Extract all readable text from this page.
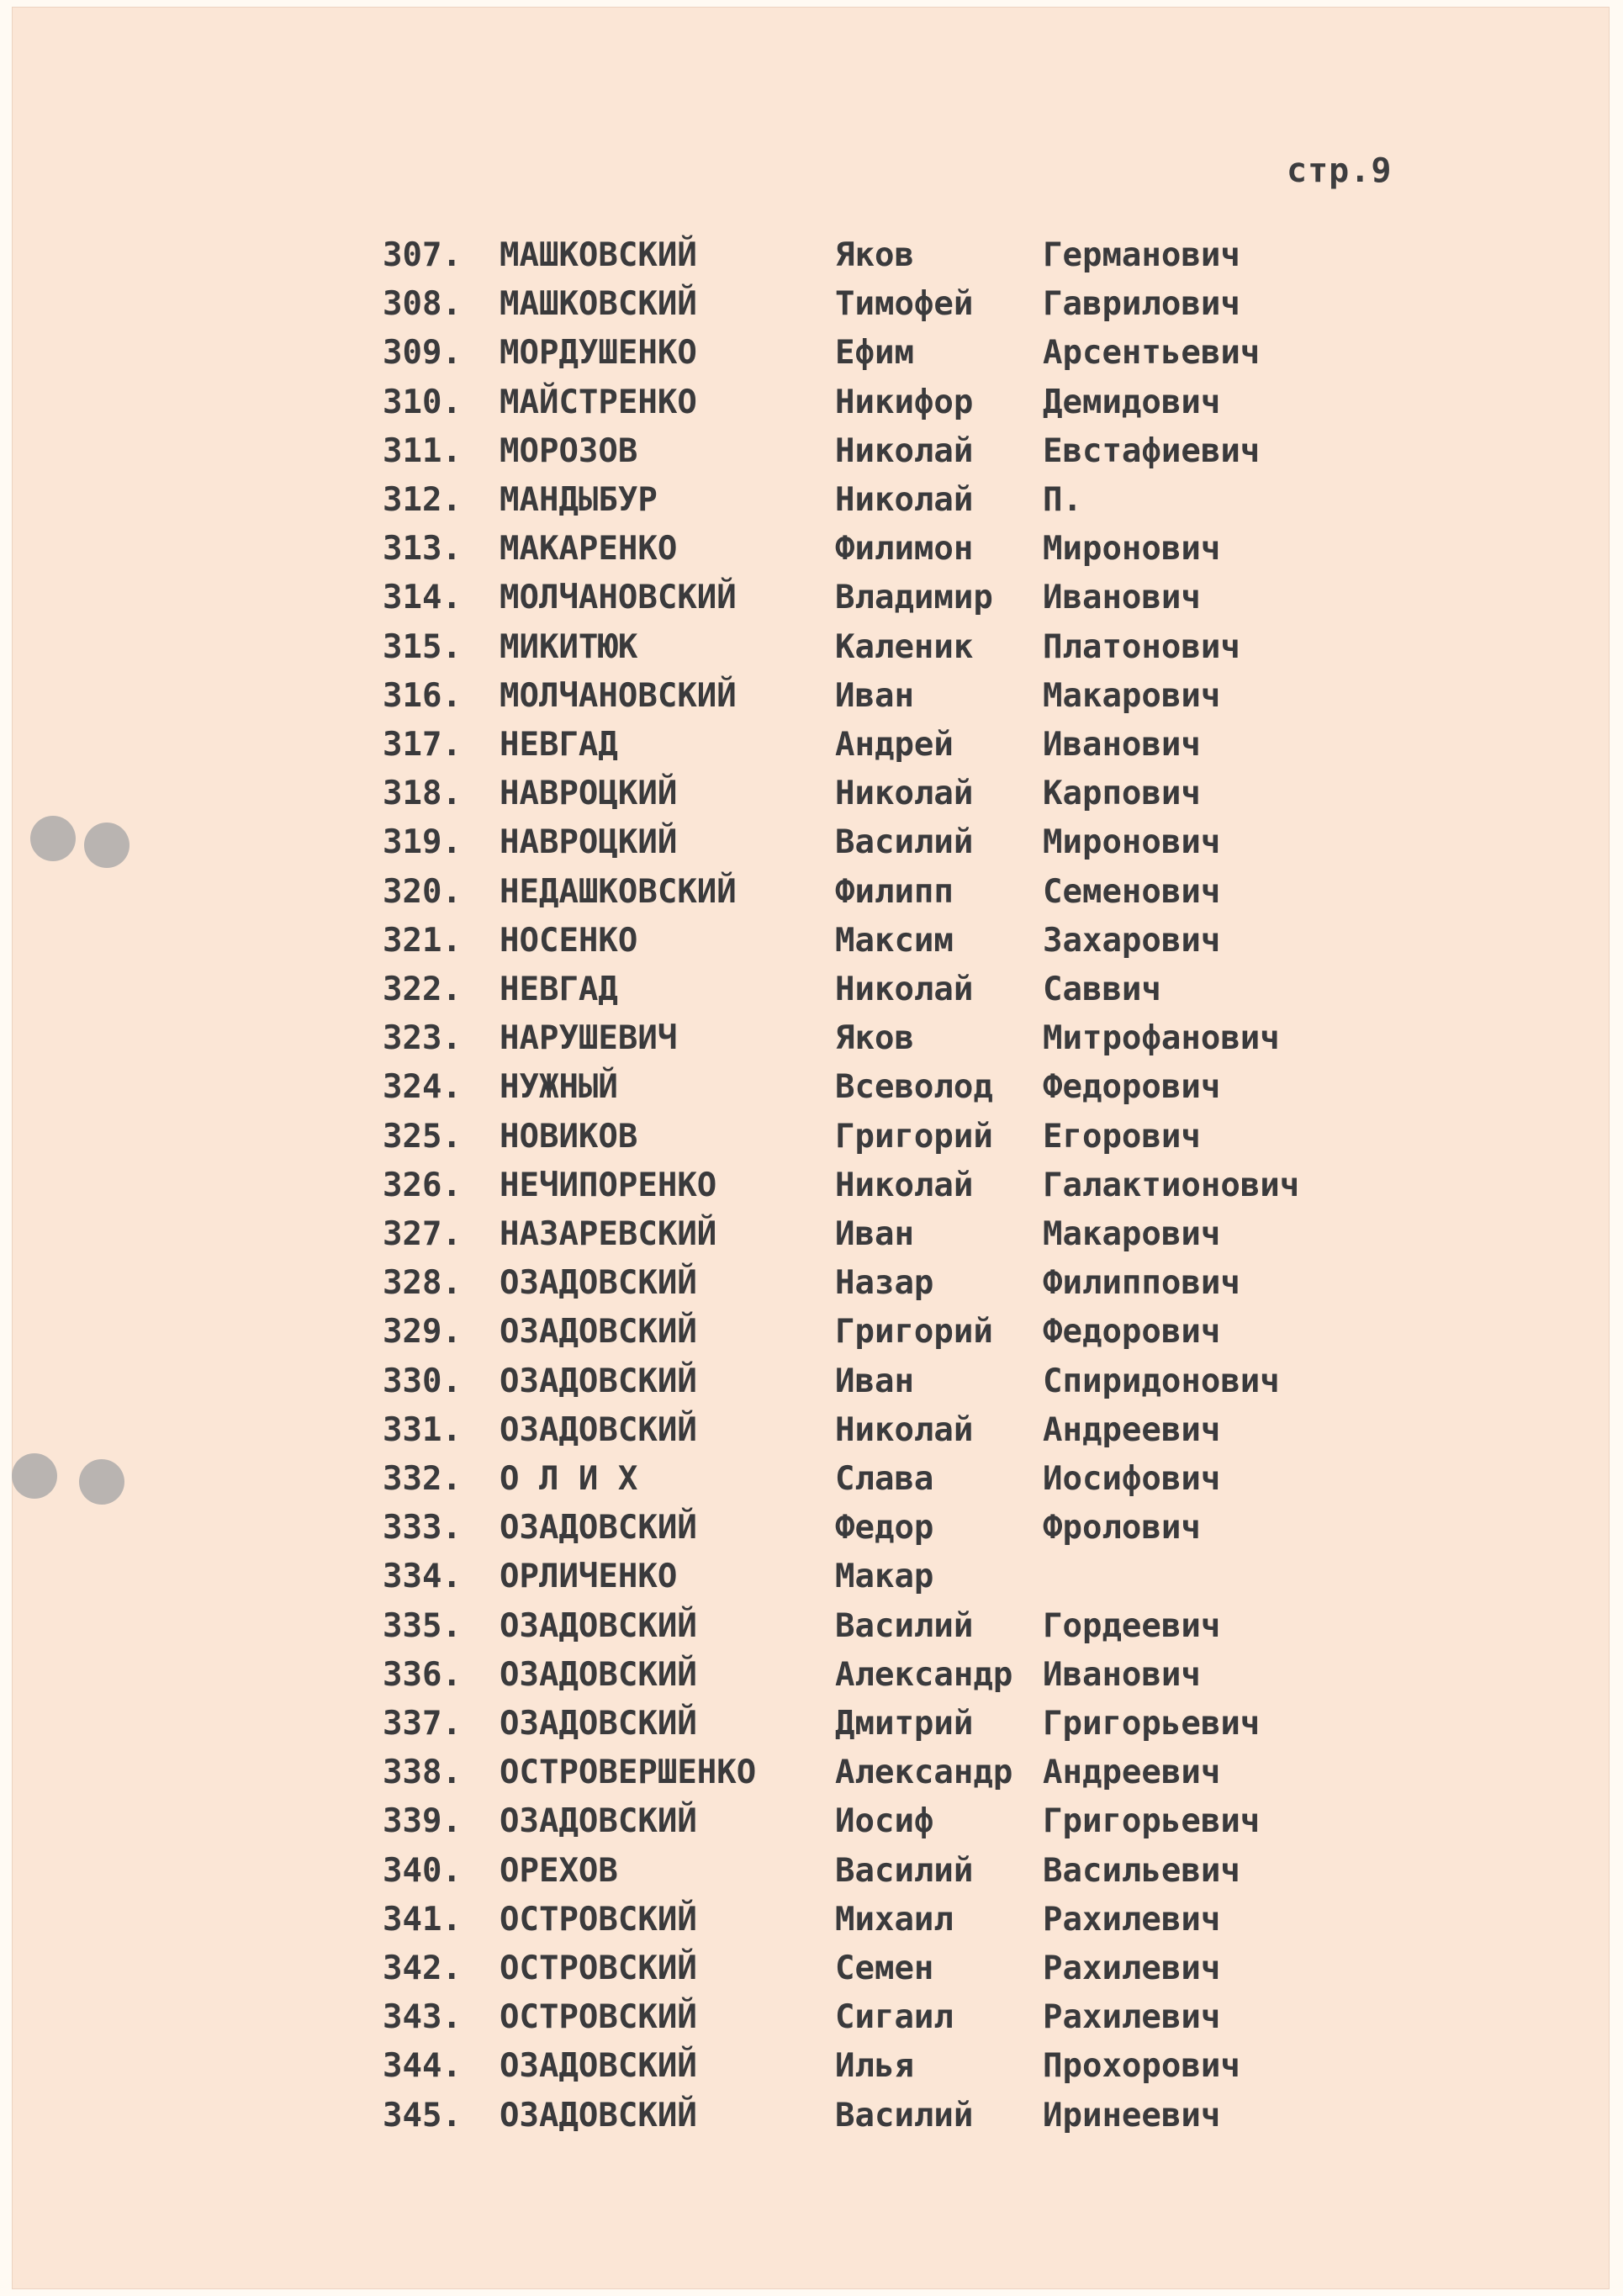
стр.9
307. МАШКОВСКИЙ	Яков	Германович
308. МАШКОВСКИЙ	Тимофей Гаврилович
309. МОРДУШЕНКО	Ефим	Арсентьевич
310. МАЙСТРЕНКО	Никифор Демидович
311. МОРОЗОВ	Николай Евстафиевич
312. МАНДЫБУР	Николай П.
313. МАКАРЕНКО	Филимон Миронович
314. МОЛЧАНОВСКИЙ	Владимир Иванович
315. МИКИТЮК	Каленик Платонович
316. МОЛЧАНОВСКИЙ	Иван	Макарович
317. НЕВГАД	Андрей	Иванович
318. НАВРОЦКИЙ	Николай Карпович
319. НАВРОЦКИЙ	Василий Миронович
320. НЕДАШКОВСКИЙ	Филипп	Семенович
321. НОСЕНКО	Максим	Захарович
322. НЕВГАД	Николай Саввич
323. НАРУШЕВИЧ	Яков	Митрофанович
324. НУЖНЫЙ	Всеволод Федорович
325. НОВИКОВ	Григорий Егорович
326. НЕЧИПОРЕНКО	Николай Галактионович
327. НАЗАРЕВСКИЙ	Иван	Макарович
328. ОЗАДОВСКИЙ	Назар	Филиппович
329. ОЗАДОВСКИЙ	Григорий Федорович
330. ОЗАДОВСКИЙ	Иван	Спиридонович
331. ОЗАДОВСКИЙ	Николай Андреевич
332. О Л И Х	Слава	Иосифович
333. ОЗАДОВСКИЙ	Федор	Фролович
334. ОРЛИЧЕНКО	Макар
335. ОЗАДОВСКИЙ	Василий Гордеевич
336. ОЗАДОВСКИЙ	Александр Иванович
337. ОЗАДОВСКИЙ	Дмитрий Григорьевич
338. ОСТРОВЕРШЕНКО Александр Андреевич
339. ОЗАДОВСКИЙ	Иосиф	Григорьевич
340. ОРЕХОВ	Василий Васильевич
341. ОСТРОВСКИЙ	Михаил	Рахилевич
342. ОСТРОВСКИЙ	Семен	Рахилевич
343. ОСТРОВСКИЙ	Сигаил	Рахилевич
344. ОЗАДОВСКИЙ	Илья	Прохорович
345. ОЗАДОВСКИЙ	Василий Иринеевич
